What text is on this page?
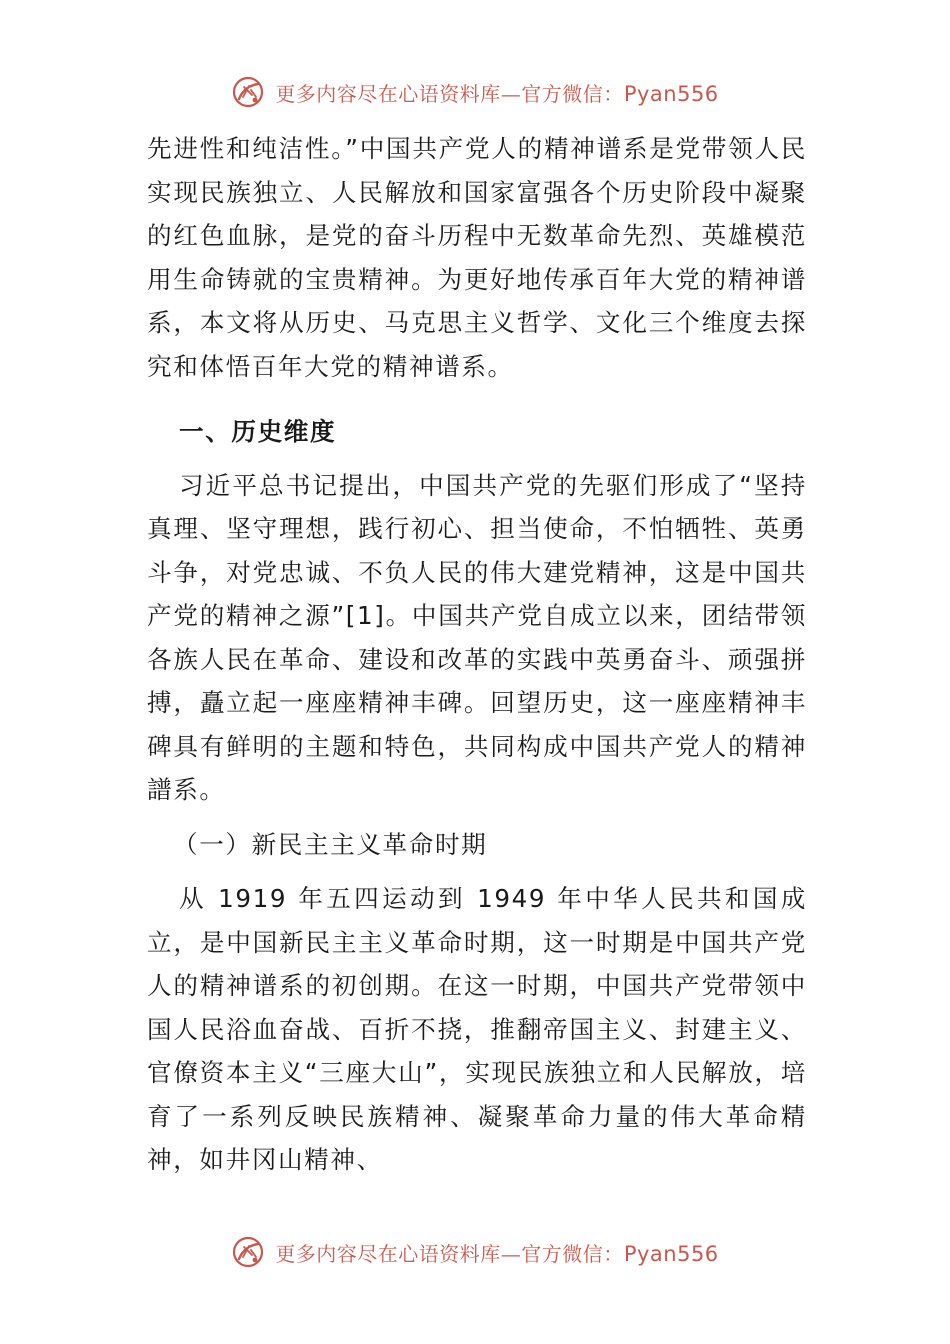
更多内容尽在心语资料库—官方微信：Pyan556

先进性和纯洁性。”中国共产党人的精神谱系是党带领人民实现民族独立、人民解放和国家富强各个历史阶段中凝聚的红色血脉，是党的奋斗历程中无数革命先烈、英雄模范用生命铸就的宝贵精神。为更好地传承百年大党的精神谱系，本文将从历史、马克思主义哲学、文化三个维度去探究和体悟百年大党的精神谱系。

一、历史维度

习近平总书记提出，中国共产党的先驱们形成了“坚持真理、坚守理想，践行初心、担当使命，不怕牺牲、英勇斗争，对党忠诚、不负人民的伟大建党精神，这是中国共产党的精神之源”[1]。中国共产党自成立以来，团结带领各族人民在革命、建设和改革的实践中英勇奋斗、顽强拼搏，矗立起一座座精神丰碑。回望历史，这一座座精神丰碑具有鲜明的主题和特色，共同构成中国共产党人的精神譜系。

（一）新民主主义革命时期

从 1919 年五四运动到 1949 年中华人民共和国成立，是中国新民主主义革命时期，这一时期是中国共产党人的精神谱系的初创期。在这一时期，中国共产党带领中国人民浴血奋战、百折不挠，推翻帝国主义、封建主义、官僚资本主义“三座大山”，实现民族独立和人民解放，培育了一系列反映民族精神、凝聚革命力量的伟大革命精神，如井冈山精神、

更多内容尽在心语资料库—官方微信：Pyan556
